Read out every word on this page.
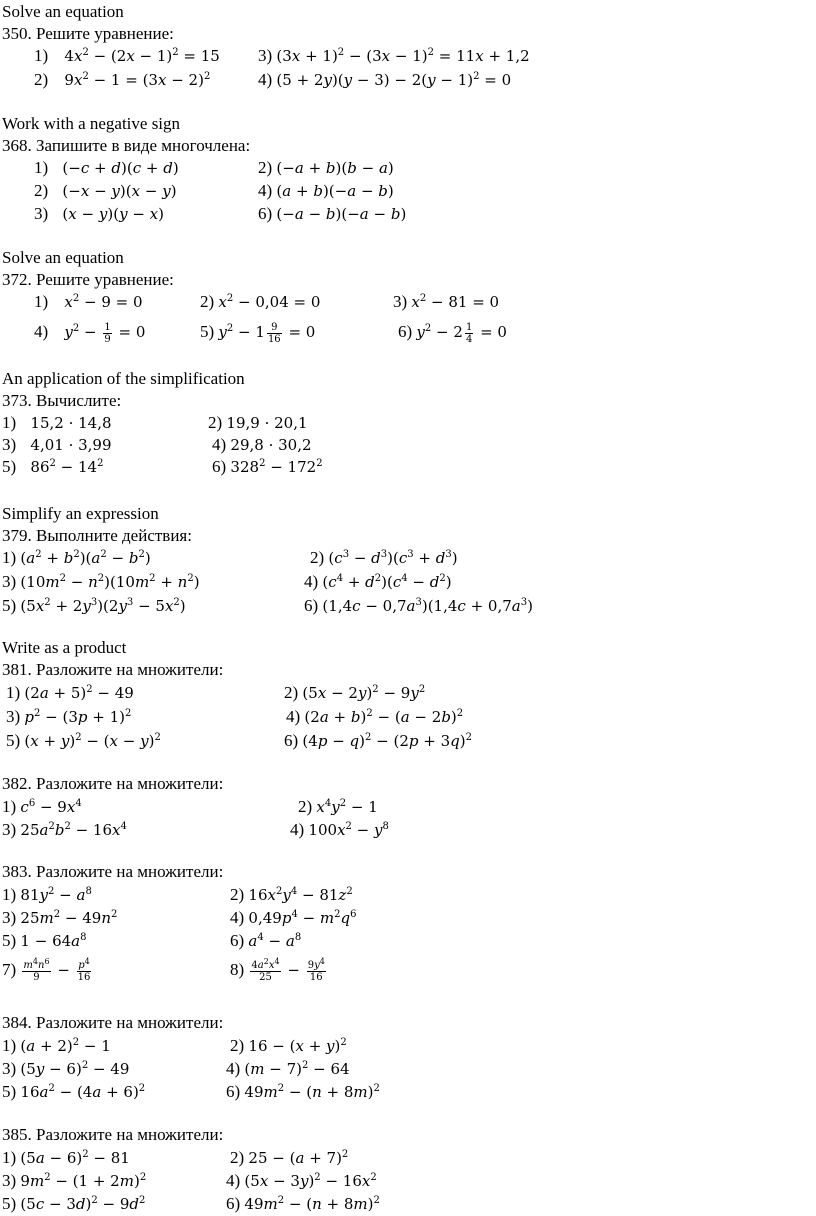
Solve an equation
350. Решите уравнение:
1) $4x^2 - (2x - 1)^2 = 15$ 3) $(3x + 1)^2 - (3x - 1)^2 = 11x + 1,2$
2) $9x^2 - 1 = (3x - 2)^2$	4) $(5 + 2y)(y - 3) - 2(y - 1)^2 = 0$
Work with a negative sign
368. Запишите в виде многочлена:
1) (−c + d)(c + d)	2) (−a + b)(b − a)
2) (−x − y)(x − y)	4) (a + b)(−a − b)
3) (x − y)(y − x)	6) (−a − b)(−a − b)
Solve an equation
372. Решите уравнение:
1) $x^2 - 9 = 0$	2) $x^2 - 0,04 = 0$	3) $x^2 - 81 = 0$
4) $y^2 - \frac{1}{9} = 0$	5) $y^2 - 1 \frac{9}{16} = 0$	6) $y^2 - 2 \frac{1}{4} = 0$
An application of the simplification
373. Вычислите:
1) 15,2 · 14,8	2) 19,9 · 20,1
3) 4,01 · 3,99	4) 29,8 · 30,2
5) $86^2 - 14^2$	6) $328^2 - 172^2$
Simplify an expression
379. Выполните действия:
1) $(a^2 + b^2)(a^2 - b^2)$	2) $(c^3 - d^3)(c^3 + d^3)$
3) $(10m^2 - n^2)(10m^2 + n^2)$	4) $(c^4 + d^2)(c^4 - d^2)$
5) $(5x^2 + 2y^3)(2y^3 - 5x^2)$	6) $(1,4c - 0,7a^3)(1,4c + 0,7a^3)$
Write as a product
381. Разложите на множители:
1) $(2a + 5)^2 - 49$	2) $(5x - 2y)^2 - 9y^2$
3) $p^2 - (3p + 1)^2$	4) $(2a + b)^2 - (a - 2b)^2$
5) $(x + y)^2 - (x - y)^2$	6) $(4p - q)^2 - (2p + 3q)^2$
382. Разложите на множители:
1) $c^6 - 9x^4$	2) $x^4y^2 - 1$
3) $25a^2b^2 - 16x^4$	4) $100x^2 - y^8$
383. Разложите на множители:
1) $81y^2 - a^8$	2) $16x^2y^4 - 81z^2$
3) $25m^2 - 49n^2$	4) $0,49p^4 - m^2q^6$
5) $1 - 64a^8$	6) $a^4 - a^8$
$7) \frac{m^4n^6}{9} - \frac{p^4}{16}$	$8) \frac{4a^2x^4}{25} - \frac{9y^4}{16}$
384. Разложите на множители:
1) $(a + 2)^2 - 1$	2) $16 - (x + y)^2$
3) $(5y - 6)^2 - 49$	4) $(m - 7)^2 - 64$
5) $16a^2 - (4a + 6)^2$	6) $49m^2 - (n + 8m)^2$
385. Разложите на множители:
1) $(5a - 6)^2 - 81$	2) $25 - (a + 7)^2$
3) $9m^2 - (1 + 2m)^2$	4) $(5x - 3y)^2 - 16x^2$
5) $(5c - 3d)^2 - 9d^2$	6) $49m^2 - (n + 8m)^2$
